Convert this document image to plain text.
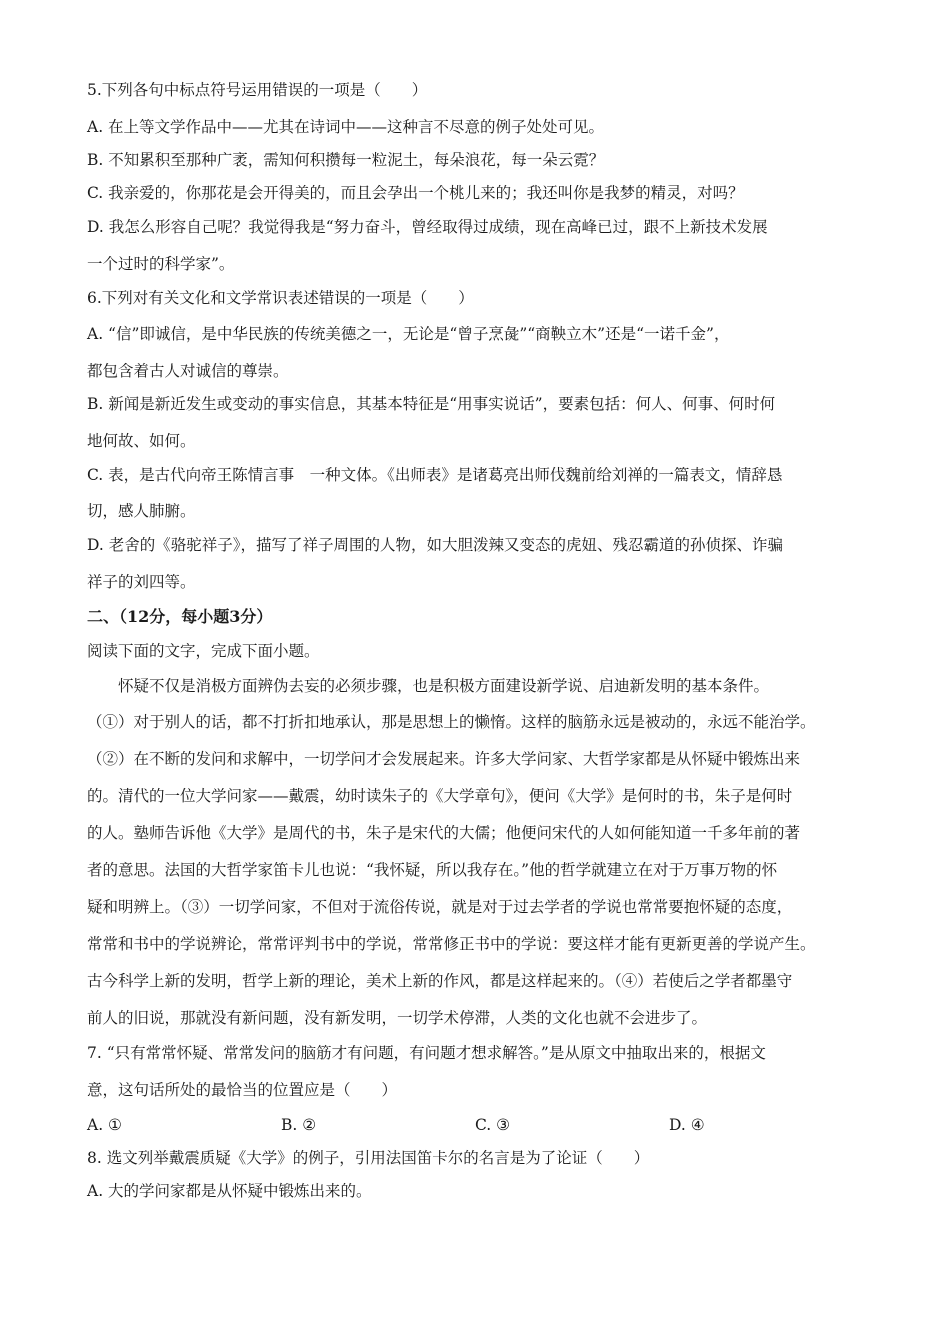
5.下列各句中标点符号运用错误的一项是（　　）
A. 在上等文学作品中——尤其在诗词中——这种言不尽意的例子处处可见。
B. 不知累积至那种广袤，需知何积攒每一粒泥土，每朵浪花，每一朵云霓？
C. 我亲爱的，你那花是会开得美的，而且会孕出一个桃儿来的；我还叫你是我梦的精灵，对吗？
D. 我怎么形容自己呢？我觉得我是“努力奋斗，曾经取得过成绩，现在高峰已过，跟不上新技术发展
一个过时的科学家”。
6.下列对有关文化和文学常识表述错误的一项是（　　）
A. “信”即诚信，是中华民族的传统美德之一，无论是“曾子烹彘”“商鞅立木”还是“一诺千金”，
都包含着古人对诚信的尊崇。
B. 新闻是新近发生或变动的事实信息，其基本特征是“用事实说话”，要素包括：何人、何事、何时何
地何故、如何。
C. 表，是古代向帝王陈情言事　一种文体。《出师表》是诸葛亮出师伐魏前给刘禅的一篇表文，情辞恳
切，感人肺腑。
D. 老舍的《骆驼祥子》，描写了祥子周围的人物，如大胆泼辣又变态的虎妞、残忍霸道的孙侦探、诈骗
祥子的刘四等。
二、（12分，每小题3分）
阅读下面的文字，完成下面小题。
　　怀疑不仅是消极方面辨伪去妄的必须步骤，也是积极方面建设新学说、启迪新发明的基本条件。
（①）对于别人的话，都不打折扣地承认，那是思想上的懒惰。这样的脑筋永远是被动的，永远不能治学。
（②）在不断的发问和求解中，一切学问才会发展起来。许多大学问家、大哲学家都是从怀疑中锻炼出来
的。清代的一位大学问家——戴震，幼时读朱子的《大学章句》，便问《大学》是何时的书，朱子是何时
的人。塾师告诉他《大学》是周代的书，朱子是宋代的大儒；他便问宋代的人如何能知道一千多年前的著
者的意思。法国的大哲学家笛卡儿也说：“我怀疑，所以我存在。”他的哲学就建立在对于万事万物的怀
疑和明辨上。（③）一切学问家，不但对于流俗传说，就是对于过去学者的学说也常常要抱怀疑的态度，
常常和书中的学说辨论，常常评判书中的学说，常常修正书中的学说：要这样才能有更新更善的学说产生。
古今科学上新的发明，哲学上新的理论，美术上新的作风，都是这样起来的。（④）若使后之学者都墨守
前人的旧说，那就没有新问题，没有新发明，一切学术停滞，人类的文化也就不会进步了。
7. “只有常常怀疑、常常发问的脑筋才有问题，有问题才想求解答。”是从原文中抽取出来的，根据文
意，这句话所处的最恰当的位置应是（　　）
A. ①	B. ②	C. ③	D. ④
8. 选文列举戴震质疑《大学》的例子，引用法国笛卡尔的名言是为了论证（　　）
A. 大的学问家都是从怀疑中锻炼出来的。
